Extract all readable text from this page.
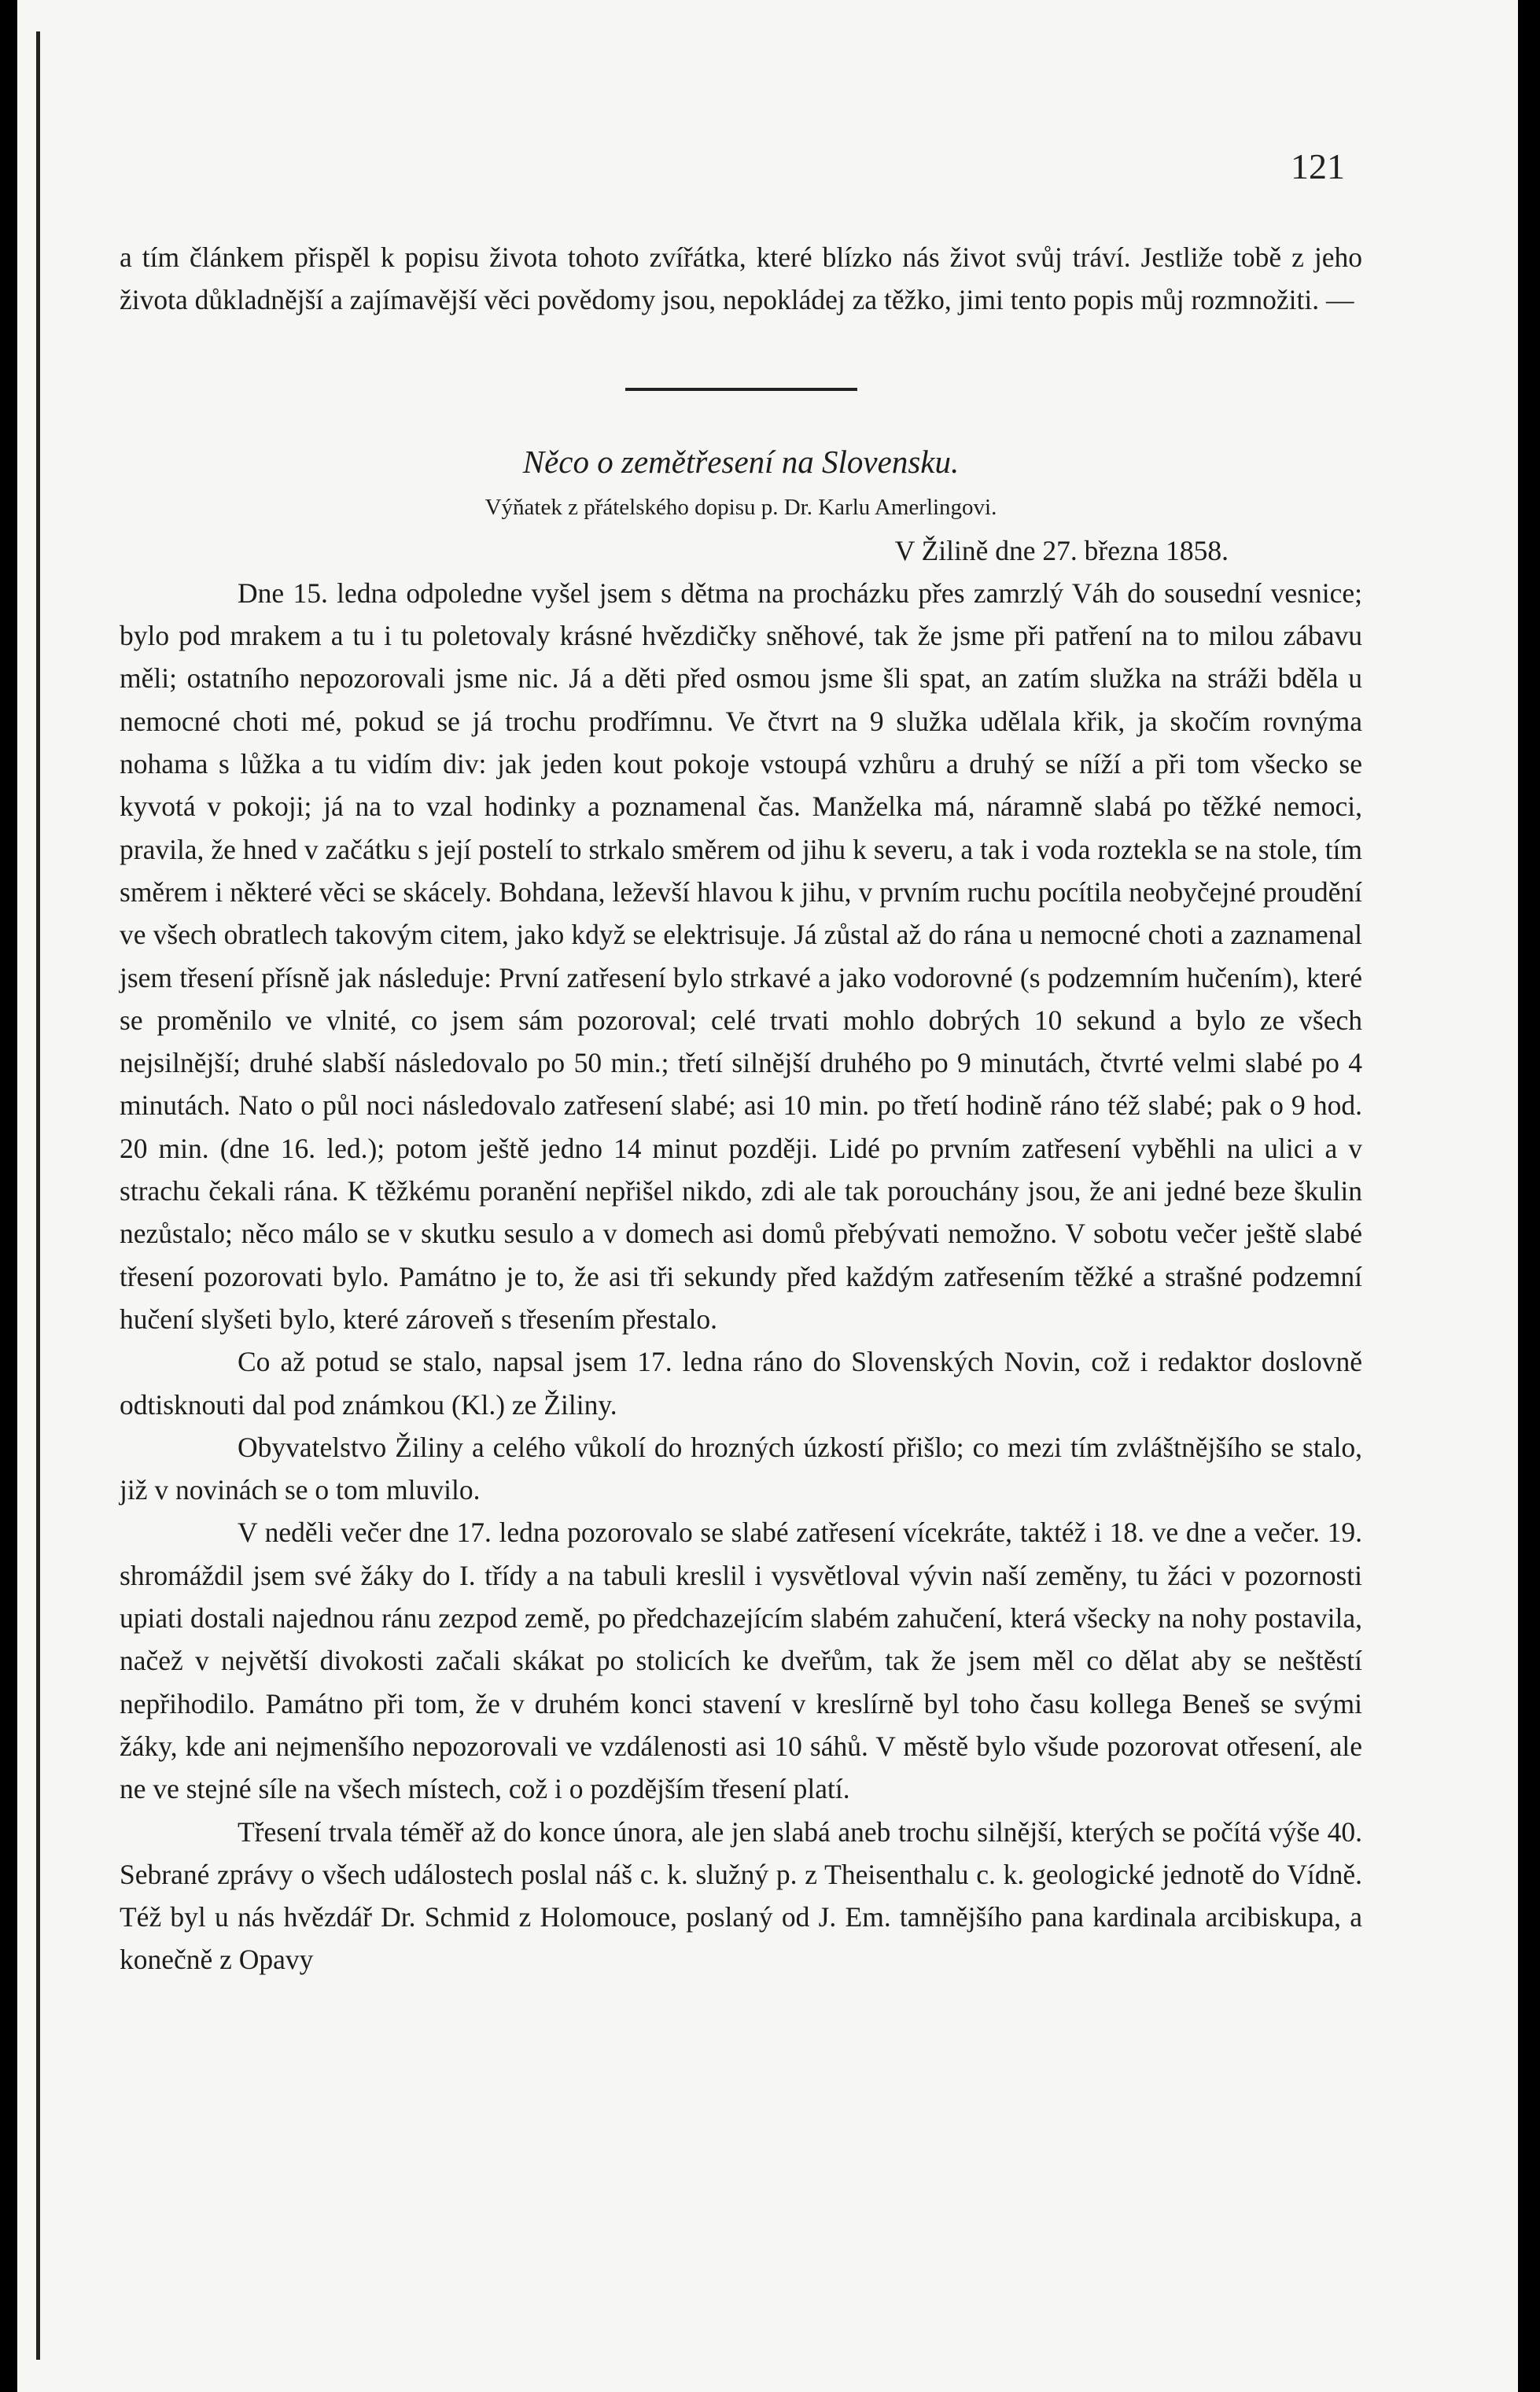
121

a tím článkem přispěl k popisu života tohoto zvířátka, které blízko nás život svůj tráví. Jestliže tobě z jeho života důkladnější a zajímavější věci povědomy jsou, nepokládej za těžko, jimi tento popis můj rozmnožiti. —

Něco o zemětřesení na Slovensku.

Výňatek z přátelského dopisu p. Dr. Karlu Amerlingovi.

V Žilině dne 27. března 1858.

Dne 15. ledna odpoledne vyšel jsem s dětma na procházku přes zamrzlý Váh do sousední vesnice; bylo pod mrakem a tu i tu poletovaly krásné hvězdičky sněhové, tak že jsme při patření na to milou zábavu měli; ostatního nepozorovali jsme nic. Já a děti před osmou jsme šli spat, an zatím služka na stráži bděla u nemocné choti mé, pokud se já trochu prodřímnu. Ve čtvrt na 9 služka udělala křik, ja skočím rovnýma nohama s lůžka a tu vidím div: jak jeden kout pokoje vstoupá vzhůru a druhý se níží a při tom všecko se kyvotá v pokoji; já na to vzal hodinky a poznamenal čas. Manželka má, náramně slabá po těžké nemoci, pravila, že hned v začátku s její postelí to strkalo směrem od jihu k severu, a tak i voda roztekla se na stole, tím směrem i některé věci se skácely. Bohdana, leževší hlavou k jihu, v prvním ruchu pocítila neobyčejné proudění ve všech obratlech takovým citem, jako když se elektrisuje. Já zůstal až do rána u nemocné choti a zaznamenal jsem třesení přísně jak následuje: První zatřesení bylo strkavé a jako vodorovné (s podzemním hučením), které se proměnilo ve vlnité, co jsem sám pozoroval; celé trvati mohlo dobrých 10 sekund a bylo ze všech nejsilnější; druhé slabší následovalo po 50 min.; třetí silnější druhého po 9 minutách, čtvrté velmi slabé po 4 minutách. Nato o půl noci následovalo zatřesení slabé; asi 10 min. po třetí hodině ráno též slabé; pak o 9 hod. 20 min. (dne 16. led.); potom ještě jedno 14 minut později. Lidé po prvním zatřesení vyběhli na ulici a v strachu čekali rána. K těžkému poranění nepřišel nikdo, zdi ale tak porouchány jsou, že ani jedné beze škulin nezůstalo; něco málo se v skutku sesulo a v domech asi domů přebývati nemožno. V sobotu večer ještě slabé třesení pozorovati bylo. Památno je to, že asi tři sekundy před každým zatřesením těžké a strašné podzemní hučení slyšeti bylo, které zároveň s třesením přestalo.

Co až potud se stalo, napsal jsem 17. ledna ráno do Slovenských Novin, což i redaktor doslovně odtisknouti dal pod známkou (Kl.) ze Žiliny.

Obyvatelstvo Žiliny a celého vůkolí do hrozných úzkostí přišlo; co mezi tím zvláštnějšího se stalo, již v novinách se o tom mluvilo.

V neděli večer dne 17. ledna pozorovalo se slabé zatřesení vícekráte, taktéž i 18. ve dne a večer. 19. shromáždil jsem své žáky do I. třídy a na tabuli kreslil i vysvětloval vývin naší zeměny, tu žáci v pozornosti upiati dostali najednou ránu zezpod země, po předchazejícím slabém zahučení, která všecky na nohy postavila, načež v největší divokosti začali skákat po stolicích ke dveřům, tak že jsem měl co dělat aby se neštěstí nepřihodilo. Památno při tom, že v druhém konci stavení v kreslírně byl toho času kollega Beneš se svými žáky, kde ani nejmenšího nepozorovali ve vzdálenosti asi 10 sáhů. V městě bylo všude pozorovat otřesení, ale ne ve stejné síle na všech místech, což i o pozdějším třesení platí.

Třesení trvala téměř až do konce února, ale jen slabá aneb trochu silnější, kterých se počítá výše 40. Sebrané zprávy o všech událostech poslal náš c. k. služný p. z Theisenthalu c. k. geologické jednotě do Vídně. Též byl u nás hvězdář Dr. Schmid z Holomouce, poslaný od J. Em. tamnějšího pana kardinala arcibiskupa, a konečně z Opavy
